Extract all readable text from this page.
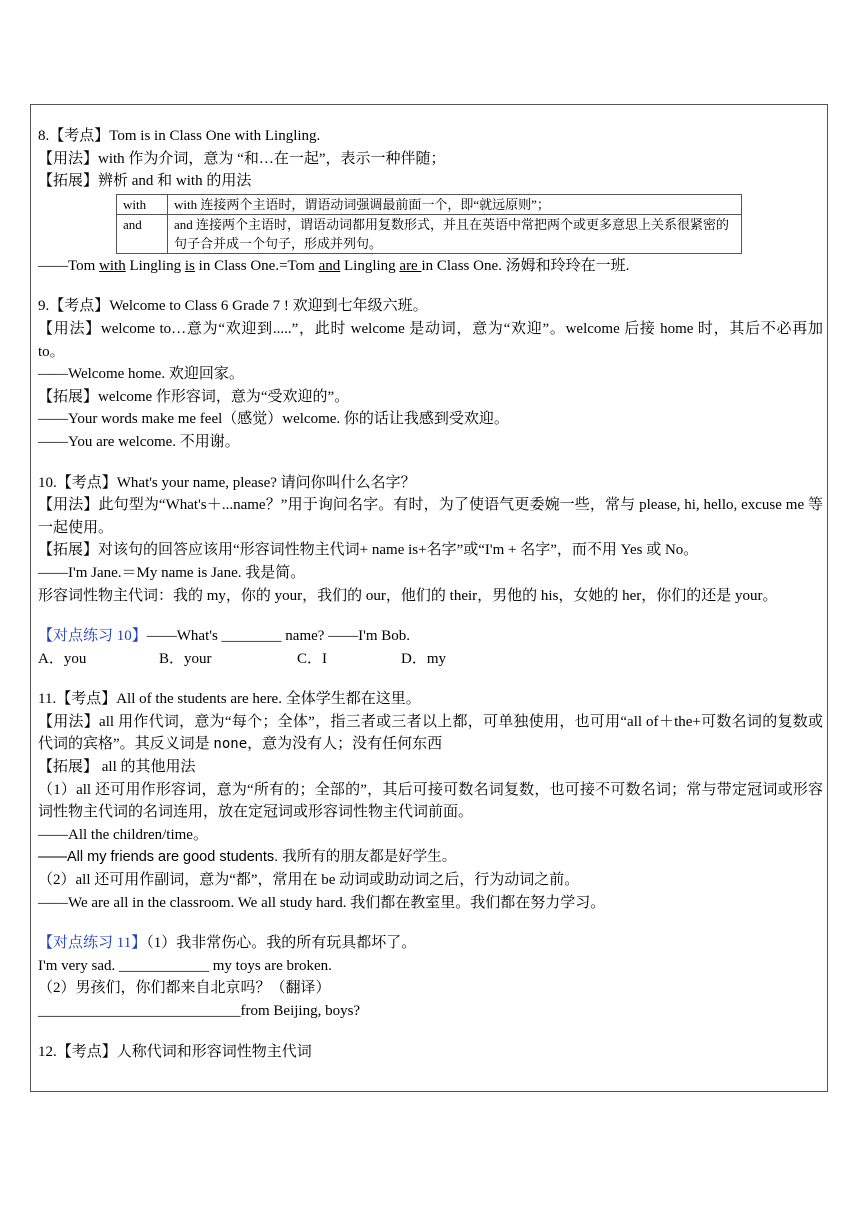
8.【考点】Tom is in Class One with Lingling.

【用法】with 作为介词，意为 “和…在一起”，表示一种伴随；

【拓展】辨析 and 和 with 的用法

with	with 连接两个主语时，谓语动词强调最前面一个，即“就远原则”；
and	and 连接两个主语时，谓语动词都用复数形式，并且在英语中常把两个或更多意思上关系很紧密的句子合并成一个句子，形成并列句。

——Tom with Lingling is in Class One.=Tom and Lingling are in Class One. 汤姆和玲玲在一班.

9.【考点】Welcome to Class 6 Grade 7 ! 欢迎到七年级六班。

【用法】welcome to…意为“欢迎到.....”，此时 welcome 是动词，意为“欢迎”。welcome 后接 home 时，其后不必再加 to。

——Welcome home. 欢迎回家。

【拓展】welcome 作形容词，意为“受欢迎的”。

——Your words make me feel（感觉）welcome. 你的话让我感到受欢迎。

——You are welcome. 不用谢。

10.【考点】What's your name, please? 请问你叫什么名字？

【用法】此句型为“What's＋...name？”用于询问名字。有时，为了使语气更委婉一些，常与 please, hi, hello, excuse me 等一起使用。

【拓展】对该句的回答应该用“形容词性物主代词+ name is+名字”或“I'm + 名字”，而不用 Yes 或 No。

——I'm Jane.＝My name is Jane. 我是简。

形容词性物主代词：我的 my，你的 your，我们的 our，他们的 their，男他的 his，女她的 her，你们的还是 your。

【对点练习 10】——What's ________ name? ——I'm Bob.

A．you	B．your	C．I	D．my

11.【考点】All of the students are here. 全体学生都在这里。

【用法】all 用作代词，意为“每个；全体”，指三者或三者以上都，可单独使用，也可用“all of＋the+可数名词的复数或代词的宾格”。其反义词是 none，意为没有人；没有任何东西

【拓展】 all 的其他用法

（1）all 还可用作形容词，意为“所有的；全部的”，其后可接可数名词复数，也可接不可数名词；常与带定冠词或形容词性物主代词的名词连用，放在定冠词或形容词性物主代词前面。

——All the children/time。

——All my friends are good students. 我所有的朋友都是好学生。

（2）all 还可用作副词，意为“都”，常用在 be 动词或助动词之后，行为动词之前。

——We are all in the classroom. We all study hard. 我们都在教室里。我们都在努力学习。

【对点练习 11】（1）我非常伤心。我的所有玩具都坏了。

I'm very sad. ____________ my toys are broken.

（2）男孩们，你们都来自北京吗？（翻译）

___________________________from Beijing, boys?

12.【考点】人称代词和形容词性物主代词
